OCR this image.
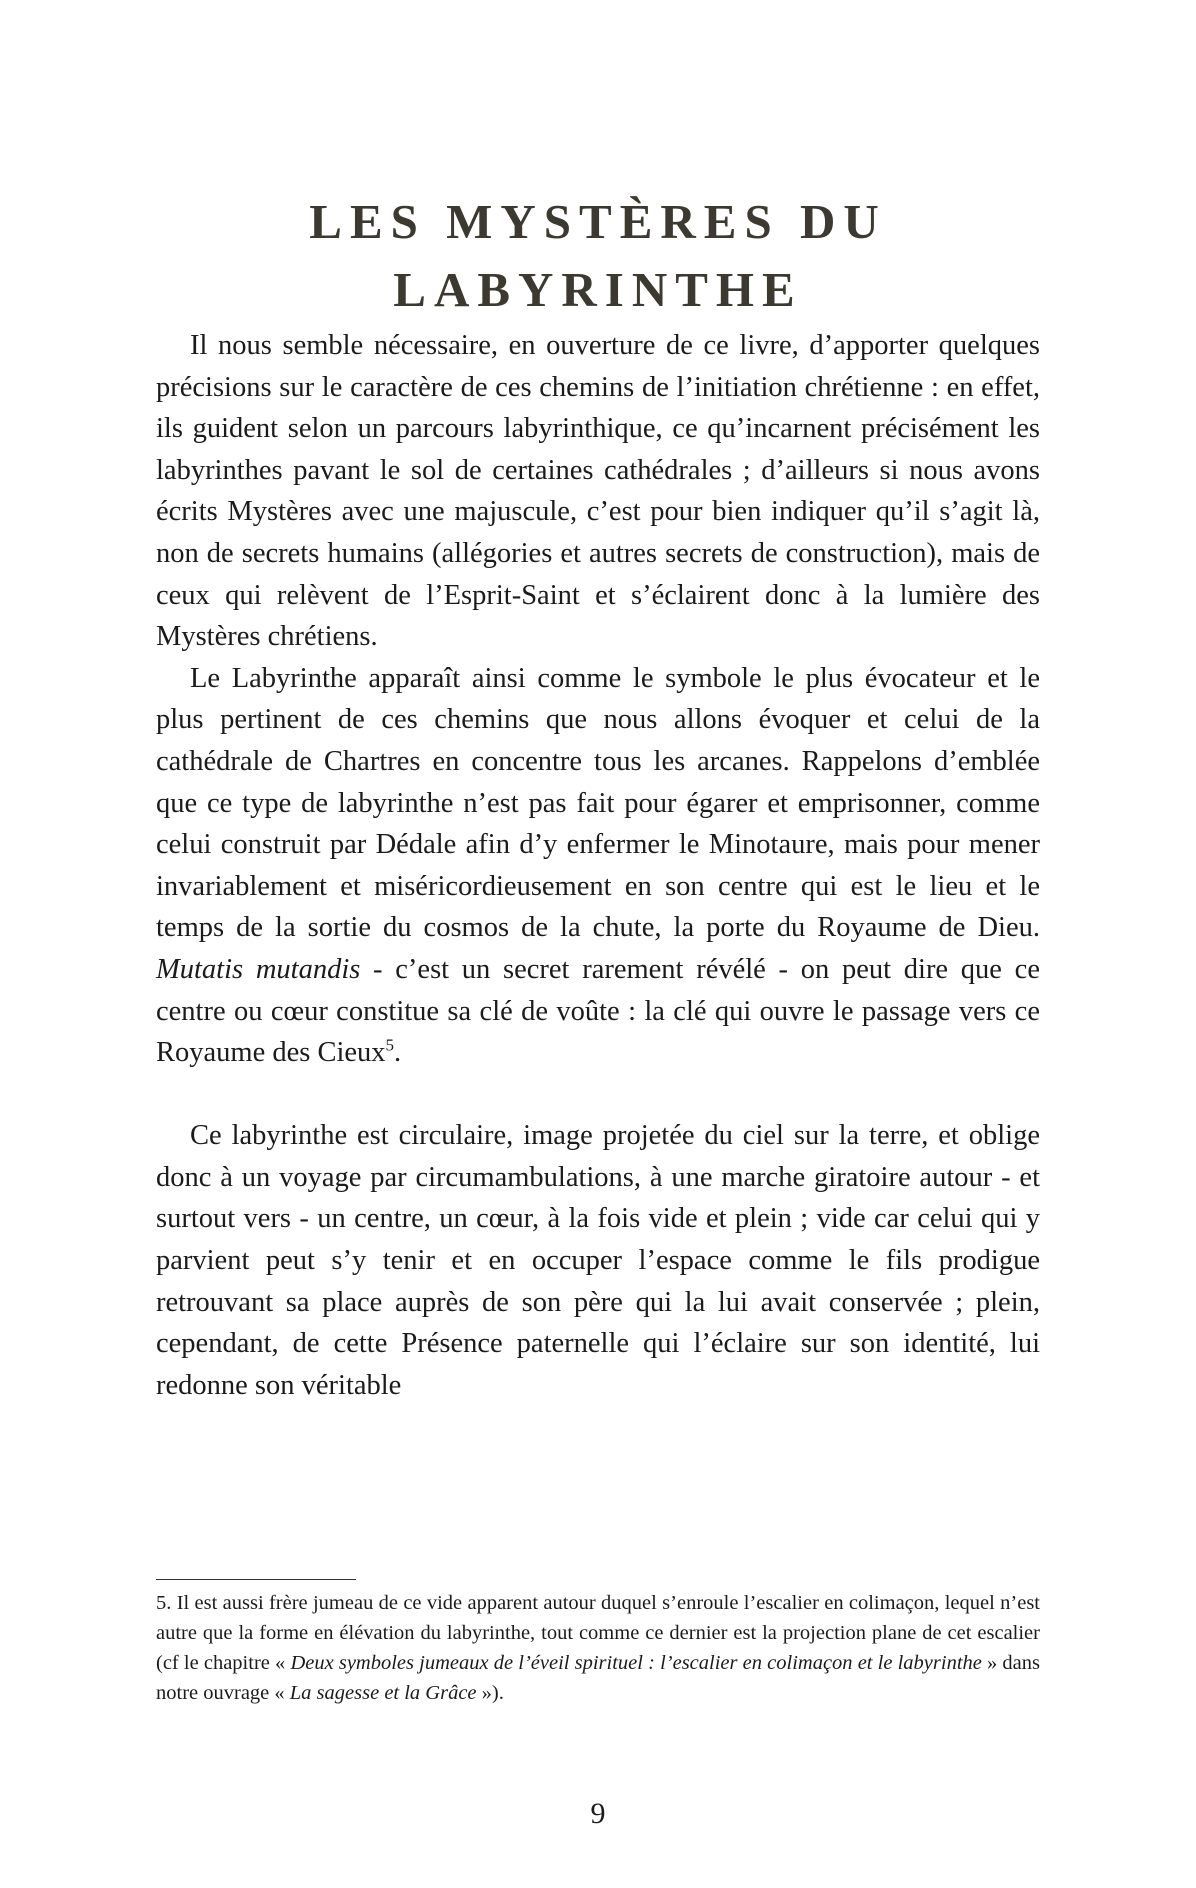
LES MYSTÈRES DU
LABYRINTHE

Il nous semble nécessaire, en ouverture de ce livre, d’apporter quelques précisions sur le caractère de ces chemins de l’initiation chrétienne : en effet, ils guident selon un parcours labyrinthique, ce qu’incarnent précisément les labyrinthes pavant le sol de certaines cathédrales ; d’ailleurs si nous avons écrits Mystères avec une majuscule, c’est pour bien indiquer qu’il s’agit là, non de secrets humains (allégories et autres secrets de construction), mais de ceux qui relèvent de l’Esprit-Saint et s’éclairent donc à la lumière des Mystères chrétiens.

Le Labyrinthe apparaît ainsi comme le symbole le plus évocateur et le plus pertinent de ces chemins que nous allons évoquer et celui de la cathédrale de Chartres en concentre tous les arcanes. Rappelons d’emblée que ce type de labyrinthe n’est pas fait pour égarer et emprisonner, comme celui construit par Dédale afin d’y enfermer le Minotaure, mais pour mener invariablement et miséricordieusement en son centre qui est le lieu et le temps de la sortie du cosmos de la chute, la porte du Royaume de Dieu. Mutatis mutandis - c’est un secret rarement révélé - on peut dire que ce centre ou cœur constitue sa clé de voûte : la clé qui ouvre le passage vers ce Royaume des Cieux$^5$.

Ce labyrinthe est circulaire, image projetée du ciel sur la terre, et oblige donc à un voyage par circumambulations, à une marche giratoire autour - et surtout vers - un centre, un cœur, à la fois vide et plein ; vide car celui qui y parvient peut s’y tenir et en occuper l’espace comme le fils prodigue retrouvant sa place auprès de son père qui la lui avait conservée ; plein, cependant, de cette Présence paternelle qui l’éclaire sur son identité, lui redonne son véritable

5. Il est aussi frère jumeau de ce vide apparent autour duquel s’enroule l’escalier en colimaçon, lequel n’est autre que la forme en élévation du labyrinthe, tout comme ce dernier est la projection plane de cet escalier (cf le chapitre « Deux symboles jumeaux de l’éveil spirituel : l’escalier en colimaçon et le labyrinthe » dans notre ouvrage « La sagesse et la Grâce »).

9
